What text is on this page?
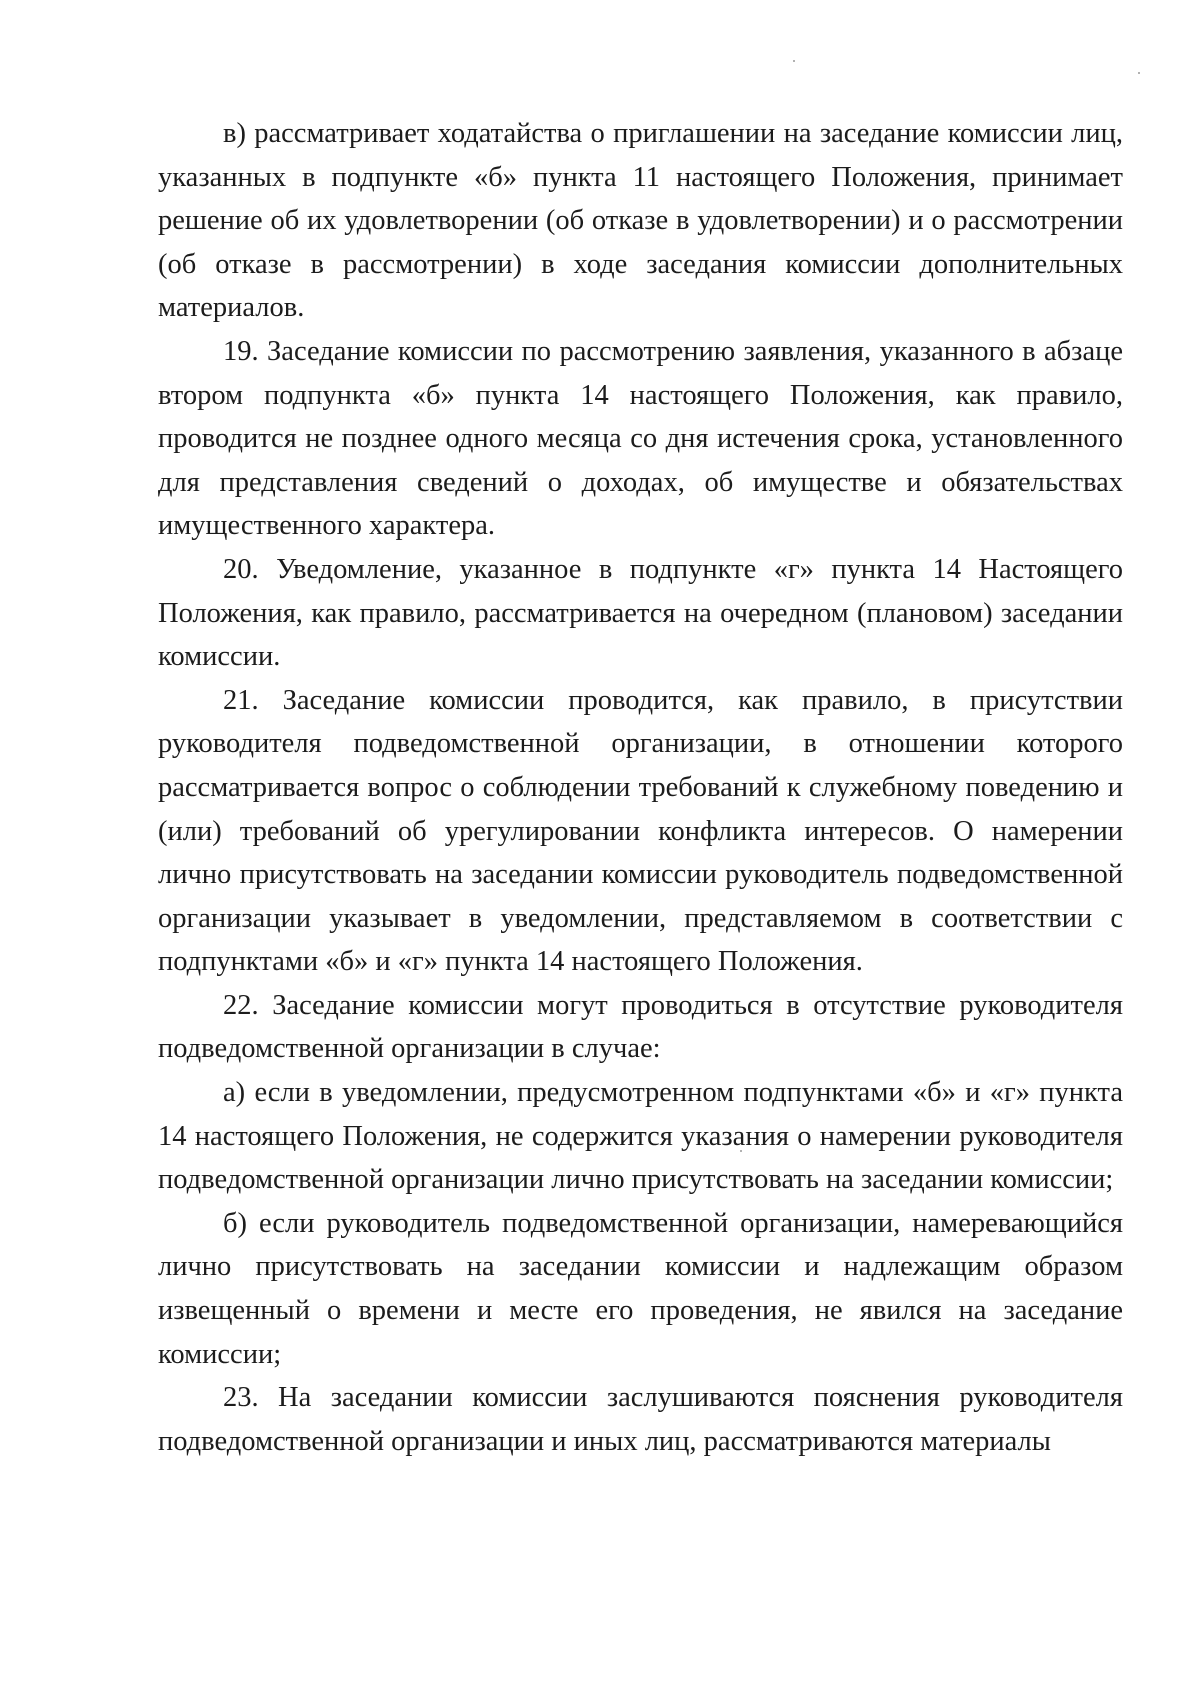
в) рассматривает ходатайства о приглашении на заседание комиссии лиц, указанных в подпункте «б» пункта 11 настоящего Положения, принимает решение об их удовлетворении (об отказе в удовлетворении) и о рассмотрении (об отказе в рассмотрении) в ходе заседания комиссии дополнительных материалов.

19. Заседание комиссии по рассмотрению заявления, указанного в абзаце втором подпункта «б» пункта 14 настоящего Положения, как правило, проводится не позднее одного месяца со дня истечения срока, установленного для представления сведений о доходах, об имуществе и обязательствах имущественного характера.

20. Уведомление, указанное в подпункте «г» пункта 14 Настоящего Положения, как правило, рассматривается на очередном (плановом) заседании комиссии.

21. Заседание комиссии проводится, как правило, в присутствии руководителя подведомственной организации, в отношении которого рассматривается вопрос о соблюдении требований к служебному поведению и (или) требований об урегулировании конфликта интересов. О намерении лично присутствовать на заседании комиссии руководитель подведомственной организации указывает в уведомлении, представляемом в соответствии с подпунктами «б» и «г» пункта 14 настоящего Положения.

22. Заседание комиссии могут проводиться в отсутствие руководителя подведомственной организации в случае:

а) если в уведомлении, предусмотренном подпунктами «б» и «г» пункта 14 настоящего Положения, не содержится указания о намерении руководителя подведомственной организации лично присутствовать на заседании комиссии;

б) если руководитель подведомственной организации, намеревающийся лично присутствовать на заседании комиссии и надлежащим образом извещенный о времени и месте его проведения, не явился на заседание комиссии;

23. На заседании комиссии заслушиваются пояснения руководителя подведомственной организации и иных лиц, рассматриваются материалы
